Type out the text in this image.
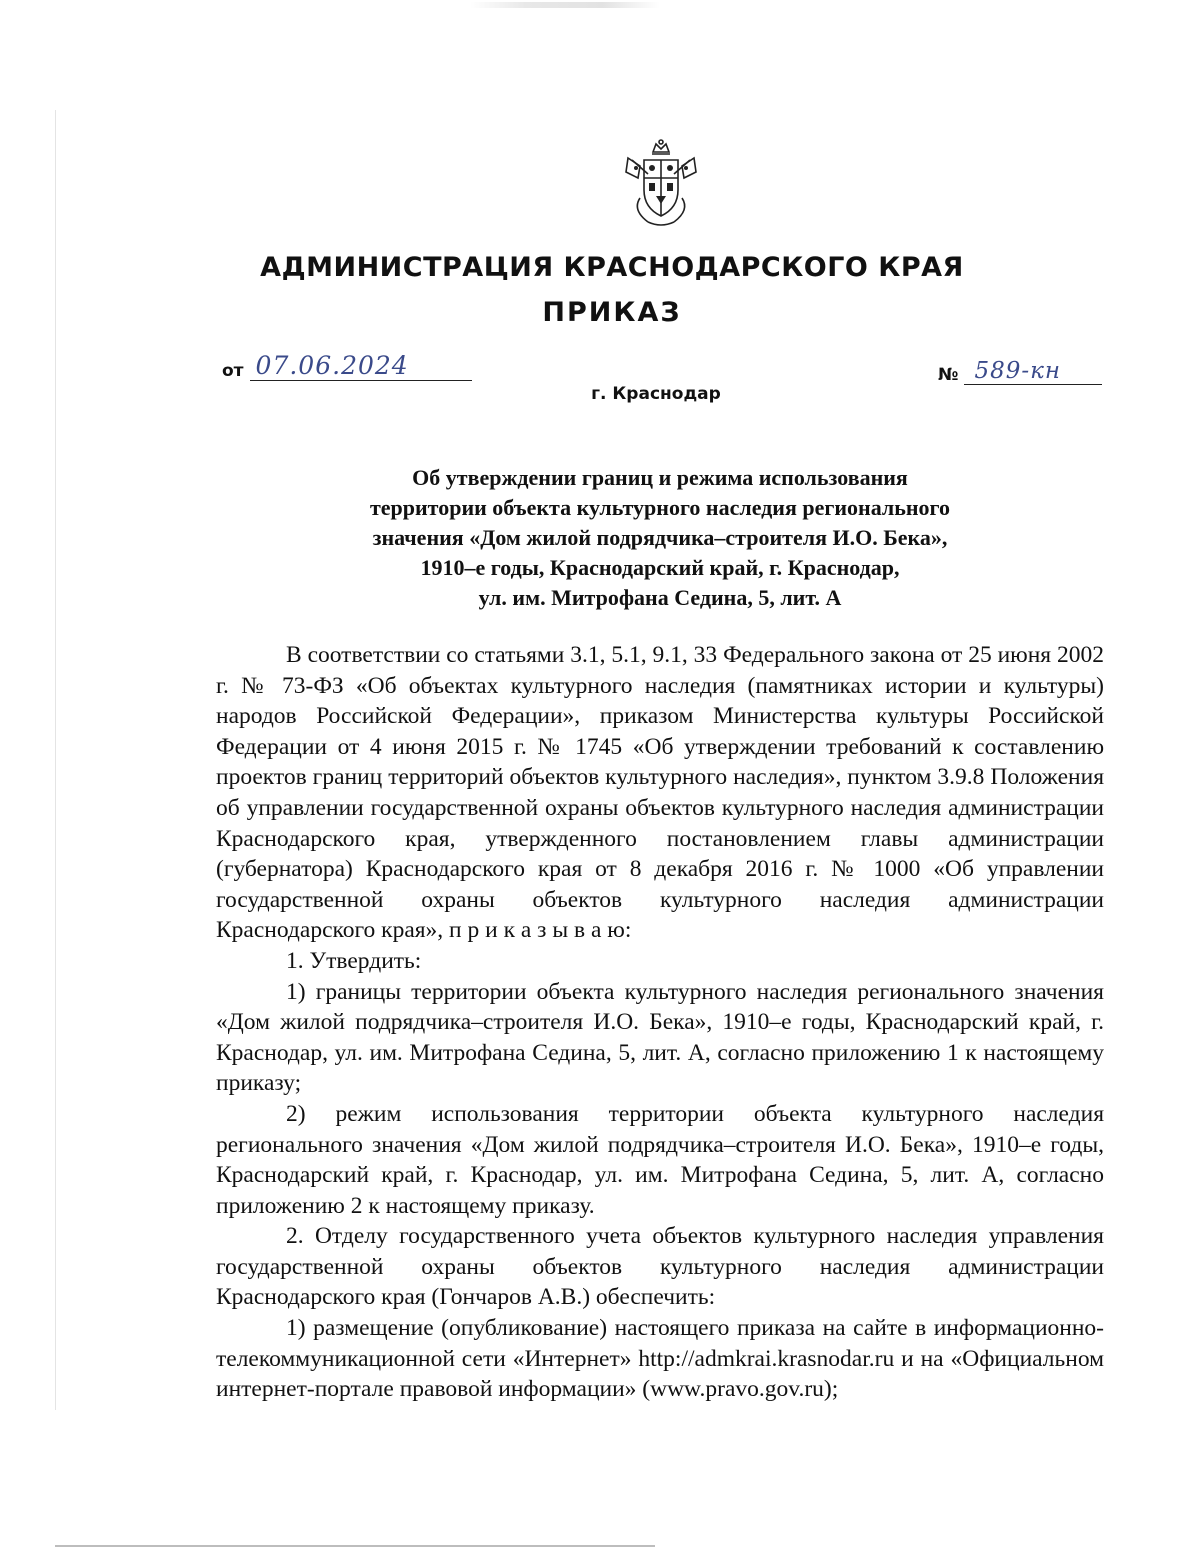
АДМИНИСТРАЦИЯ КРАСНОДАРСКОГО КРАЯ
ПРИКАЗ
от 07.06.2024	№ 589-кн
г. Краснодар
Об утверждении границ и режима использования
территории объекта культурного наследия регионального
значения «Дом жилой подрядчика–строителя И.О. Бека»,
1910–е годы, Краснодарский край, г. Краснодар,
ул. им. Митрофана Седина, 5, лит. А
В соответствии со статьями 3.1, 5.1, 9.1, 33 Федерального закона от 25 июня 2002 г. № 73-ФЗ «Об объектах культурного наследия (памятниках истории и культуры) народов Российской Федерации», приказом Министерства культуры Российской Федерации от 4 июня 2015 г. № 1745 «Об утверждении требований к составлению проектов границ территорий объектов культурного наследия», пунктом 3.9.8 Положения об управлении государственной охраны объектов культурного наследия администрации Краснодарского края, утвержденного постановлением главы администрации (губернатора) Краснодарского края от 8 декабря 2016 г. № 1000 «Об управлении государственной охраны объектов культурного наследия администрации Краснодарского края», п р и к а з ы в а ю:
1. Утвердить:
1) границы территории объекта культурного наследия регионального значения «Дом жилой подрядчика–строителя И.О. Бека», 1910–е годы, Краснодарский край, г. Краснодар, ул. им. Митрофана Седина, 5, лит. А, согласно приложению 1 к настоящему приказу;
2) режим использования территории объекта культурного наследия регионального значения «Дом жилой подрядчика–строителя И.О. Бека», 1910–е годы, Краснодарский край, г. Краснодар, ул. им. Митрофана Седина, 5, лит. А, согласно приложению 2 к настоящему приказу.
2. Отделу государственного учета объектов культурного наследия управления государственной охраны объектов культурного наследия администрации Краснодарского края (Гончаров А.В.) обеспечить:
1) размещение (опубликование) настоящего приказа на сайте в информационно-телекоммуникационной сети «Интернет» http://admkrai.krasnodar.ru и на «Официальном интернет-портале правовой информации» (www.pravo.gov.ru);
